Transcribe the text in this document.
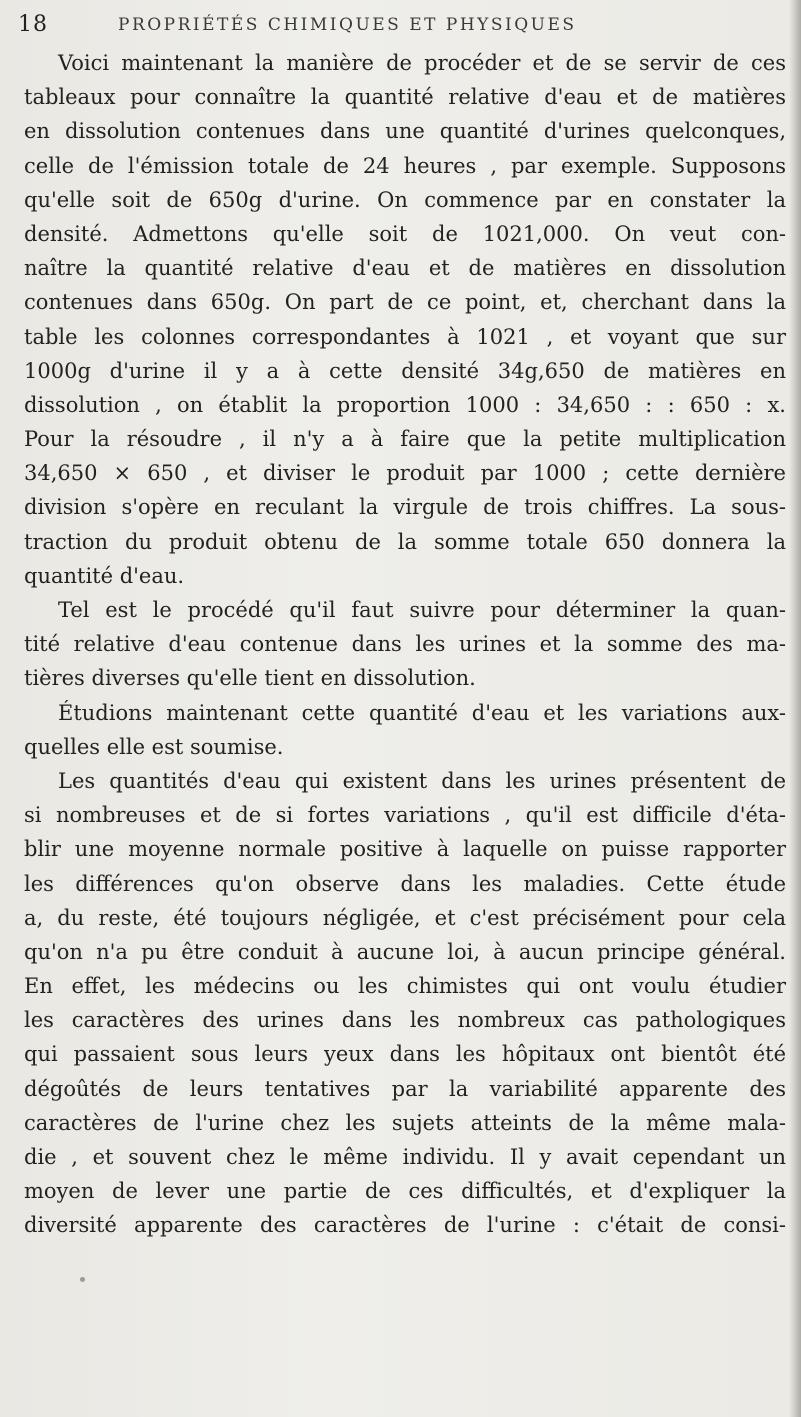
18	PROPRIÉTÉS CHIMIQUES ET PHYSIQUES
Voici maintenant la manière de procéder et de se servir de ces
tableaux pour connaître la quantité relative d'eau et de matières
en dissolution contenues dans une quantité d'urines quelconques,
celle de l'émission totale de 24 heures , par exemple. Supposons
qu'elle soit de 650g d'urine. On commence par en constater la
densité. Admettons qu'elle soit de 1021,000. On veut con-
naître la quantité relative d'eau et de matières en dissolution
contenues dans 650g. On part de ce point, et, cherchant dans la
table les colonnes correspondantes à 1021 , et voyant que sur
1000g d'urine il y a à cette densité 34g,650 de matières en
dissolution , on établit la proportion 1000 : 34,650 : : 650 : x.
Pour la résoudre , il n'y a à faire que la petite multiplication
34,650 × 650 , et diviser le produit par 1000 ; cette dernière
division s'opère en reculant la virgule de trois chiffres. La sous-
traction du produit obtenu de la somme totale 650 donnera la
quantité d'eau.
Tel est le procédé qu'il faut suivre pour déterminer la quan-
tité relative d'eau contenue dans les urines et la somme des ma-
tières diverses qu'elle tient en dissolution.
Étudions maintenant cette quantité d'eau et les variations aux-
quelles elle est soumise.
Les quantités d'eau qui existent dans les urines présentent de
si nombreuses et de si fortes variations , qu'il est difficile d'éta-
blir une moyenne normale positive à laquelle on puisse rapporter
les différences qu'on observe dans les maladies. Cette étude
a, du reste, été toujours négligée, et c'est précisément pour cela
qu'on n'a pu être conduit à aucune loi, à aucun principe général.
En effet, les médecins ou les chimistes qui ont voulu étudier
les caractères des urines dans les nombreux cas pathologiques
qui passaient sous leurs yeux dans les hôpitaux ont bientôt été
dégoûtés de leurs tentatives par la variabilité apparente des
caractères de l'urine chez les sujets atteints de la même mala-
die , et souvent chez le même individu. Il y avait cependant un
moyen de lever une partie de ces difficultés, et d'expliquer la
diversité apparente des caractères de l'urine : c'était de consi-
